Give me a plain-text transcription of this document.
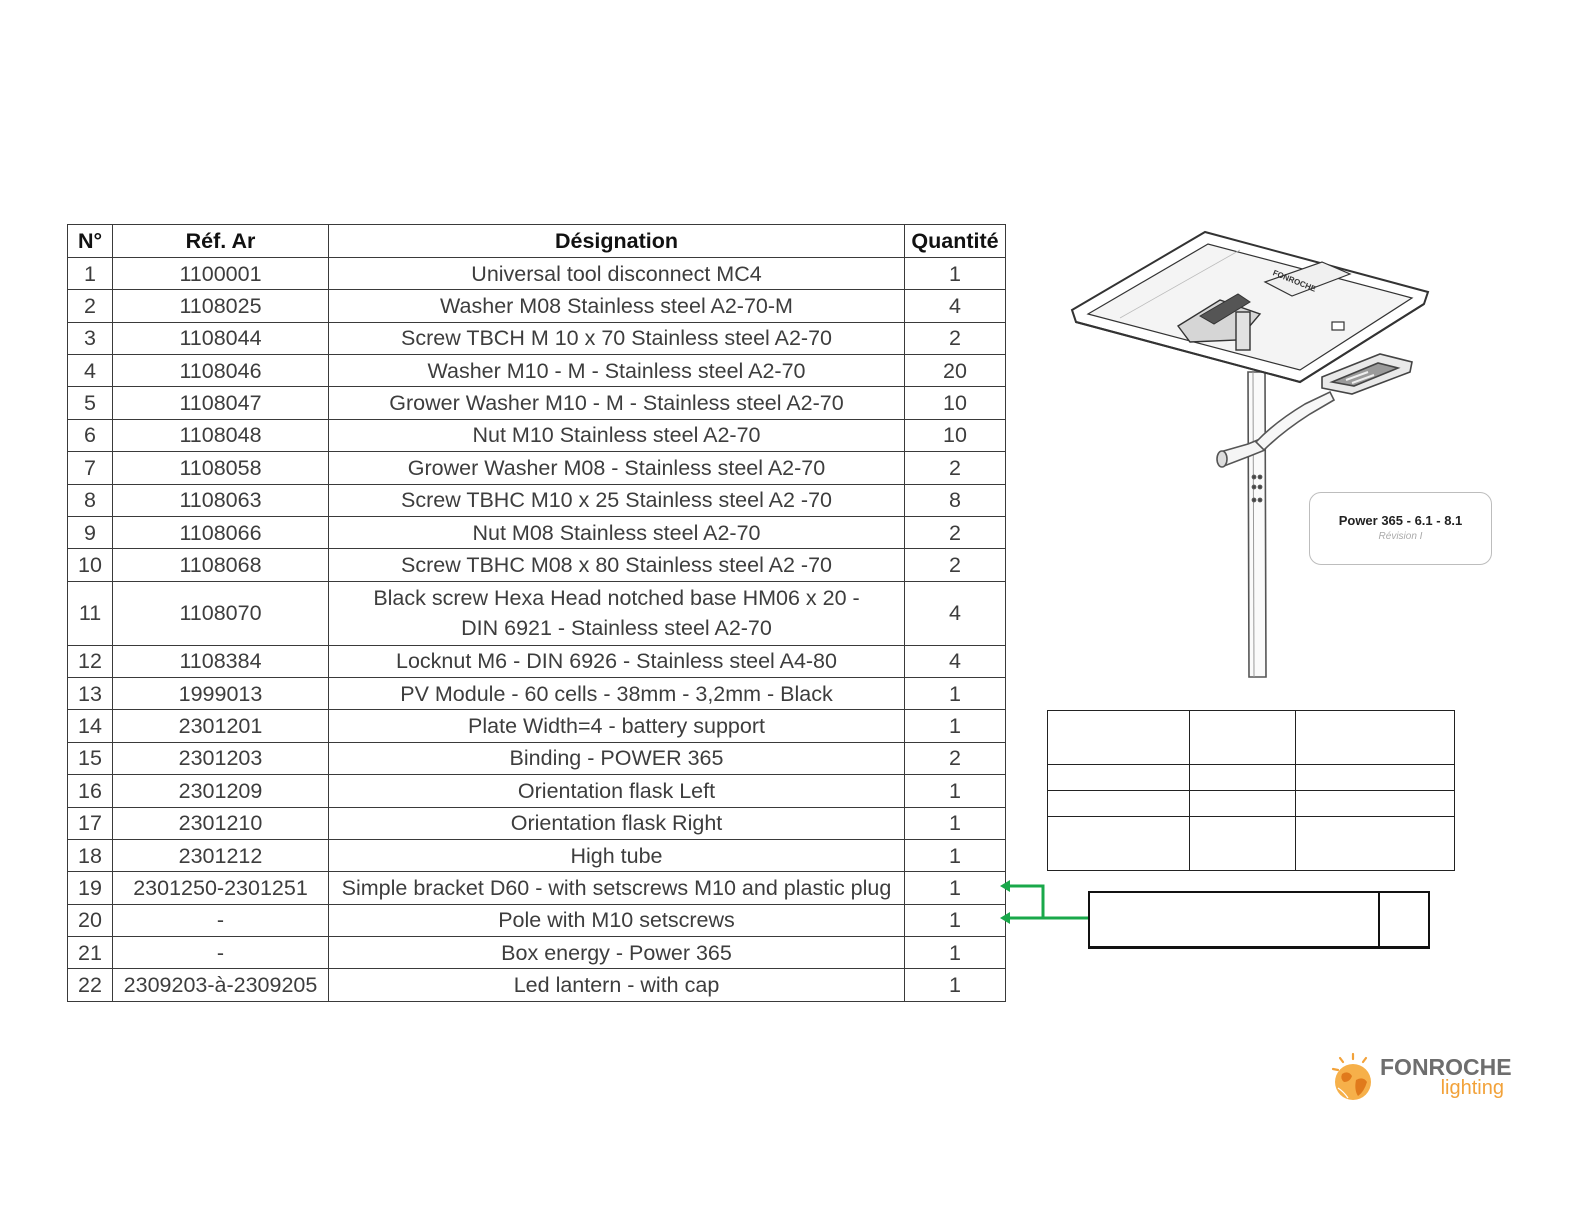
N°	Réf. Ar	Désignation	Quantité
1	1100001	Universal tool disconnect MC4	1
2	1108025	Washer M08 Stainless steel A2-70-M	4
3	1108044	Screw TBCH M 10 x 70 Stainless steel A2-70	2
4	1108046	Washer M10 - M - Stainless steel A2-70	20
5	1108047	Grower Washer M10 - M - Stainless steel A2-70	10
6	1108048	Nut M10 Stainless steel A2-70	10
7	1108058	Grower Washer M08 - Stainless steel A2-70	2
8	1108063	Screw TBHC M10 x 25 Stainless steel A2 -70	8
9	1108066	Nut M08 Stainless steel A2-70	2
10	1108068	Screw TBHC M08 x 80 Stainless steel A2 -70	2
11	1108070	Black screw Hexa Head notched base HM06 x 20 - DIN 6921 - Stainless steel A2-70	4
12	1108384	Locknut M6 - DIN 6926 - Stainless steel A4-80	4
13	1999013	PV Module - 60 cells - 38mm - 3,2mm - Black	1
14	2301201	Plate Width=4 - battery support	1
15	2301203	Binding - POWER 365	2
16	2301209	Orientation flask Left	1
17	2301210	Orientation flask Right	1
18	2301212	High tube	1
19	2301250-2301251	Simple bracket D60 - with setscrews M10 and plastic plug	1
20	-	Pole with M10 setscrews	1
21	-	Box energy - Power 365	1
22	2309203-à-2309205	Led lantern - with cap	1
FONROCHE
Power 365 - 6.1 - 8.1
Révision I

FONROCHE
lighting
